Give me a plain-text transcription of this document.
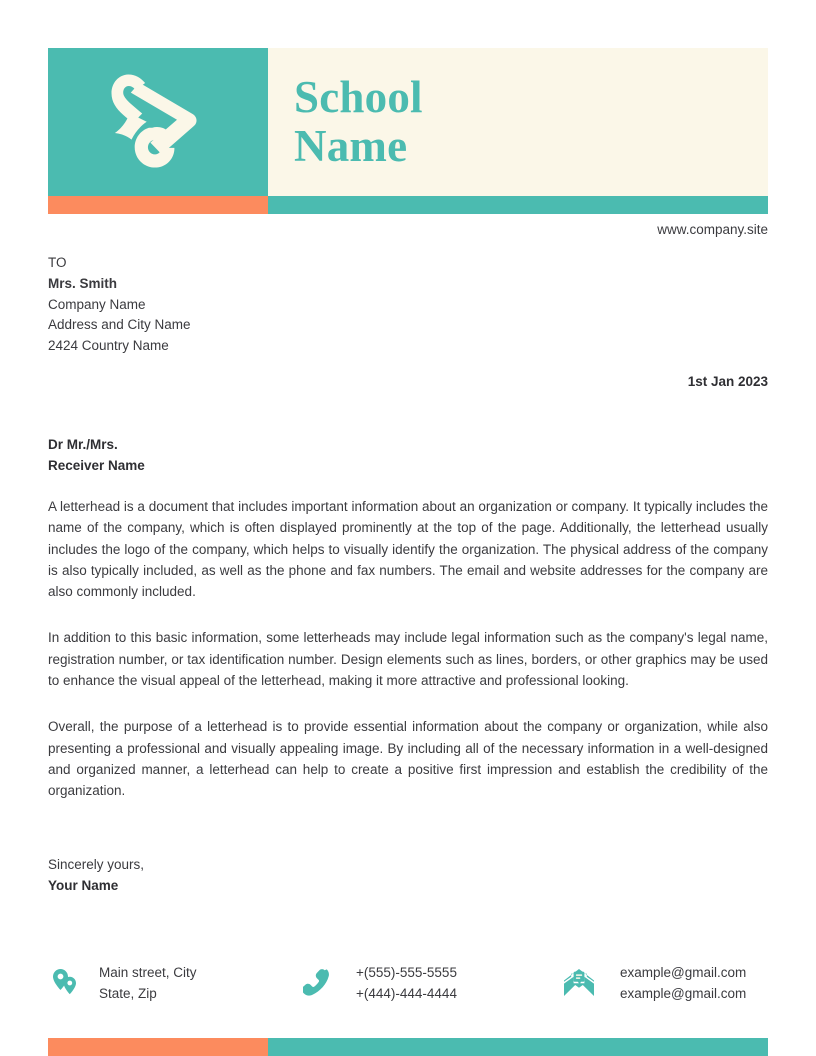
School
Name
www.company.site
TO
Mrs. Smith
Company Name
Address and City Name
2424 Country Name
1st Jan 2023
Dr Mr./Mrs.
Receiver Name

A letterhead is a document that includes important information about an organization or company. It typically includes the name of the company, which is often displayed prominently at the top of the page. Additionally, the letterhead usually includes the logo of the company, which helps to visually identify the organization. The physical address of the company is also typically included, as well as the phone and fax numbers. The email and website addresses for the company are also commonly included.

In addition to this basic information, some letterheads may include legal information such as the company's legal name, registration number, or tax identification number. Design elements such as lines, borders, or other graphics may be used to enhance the visual appeal of the letterhead, making it more attractive and professional looking.

Overall, the purpose of a letterhead is to provide essential information about the company or organization, while also presenting a professional and visually appealing image. By including all of the necessary information in a well-designed and organized manner, a letterhead can help to create a positive first impression and establish the credibility of the organization.

Sincerely yours,
Your Name
Main street, City
State, Zip
+(555)-555-5555
+(444)-444-4444
example@gmail.com
example@gmail.com
